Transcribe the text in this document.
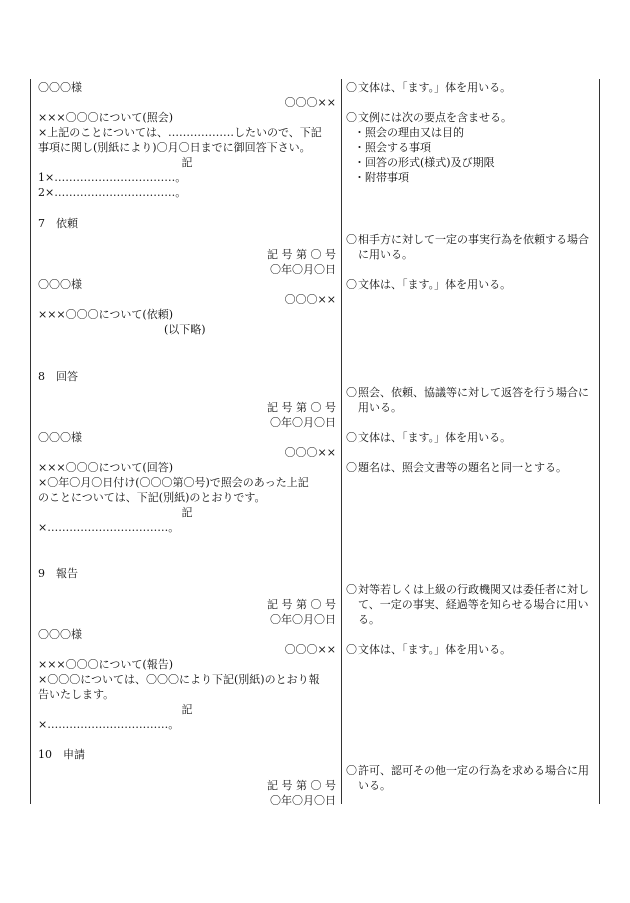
〇〇〇様
〇〇〇××
×××〇〇〇について(照会)
×上記のことについては、………………したいので、下記
事項に関し(別紙により)〇月〇日までに御回答下さい。
記
1×……………………………。
2×……………………………。
7　依頼
記 号 第 〇 号
〇年〇月〇日
〇〇〇様
〇〇〇××
×××〇〇〇について(依頼)
(以下略)
8　回答
記 号 第 〇 号
〇年〇月〇日
〇〇〇様
〇〇〇××
×××〇〇〇について(回答)
×〇年〇月〇日付け(〇〇〇第〇号)で照会のあった上記
のことについては、下記(別紙)のとおりです。
記
×……………………………。
9　報告
記 号 第 〇 号
〇年〇月〇日
〇〇〇様
〇〇〇××
×××〇〇〇について(報告)
×〇〇〇については、〇〇〇により下記(別紙)のとおり報
告いたします。
記
×……………………………。
10　申請
記 号 第 〇 号
〇年〇月〇日
〇 文体は、「ます。」体を用いる。
〇 文例には次の要点を含ませる。
・照会の理由又は目的
・照会する事項
・回答の形式(様式)及び期限
・附帯事項
〇 相手方に対して一定の事実行為を依頼する場合に用いる。
〇 文体は、「ます。」体を用いる。
〇 照会、依頼、協議等に対して返答を行う場合に用いる。
〇 文体は、「ます。」体を用いる。
〇 題名は、照会文書等の題名と同一とする。
〇 対等若しくは上級の行政機関又は委任者に対して、一定の事実、経過等を知らせる場合に用いる。
〇 文体は、「ます。」体を用いる。
〇 許可、認可その他一定の行為を求める場合に用いる。
